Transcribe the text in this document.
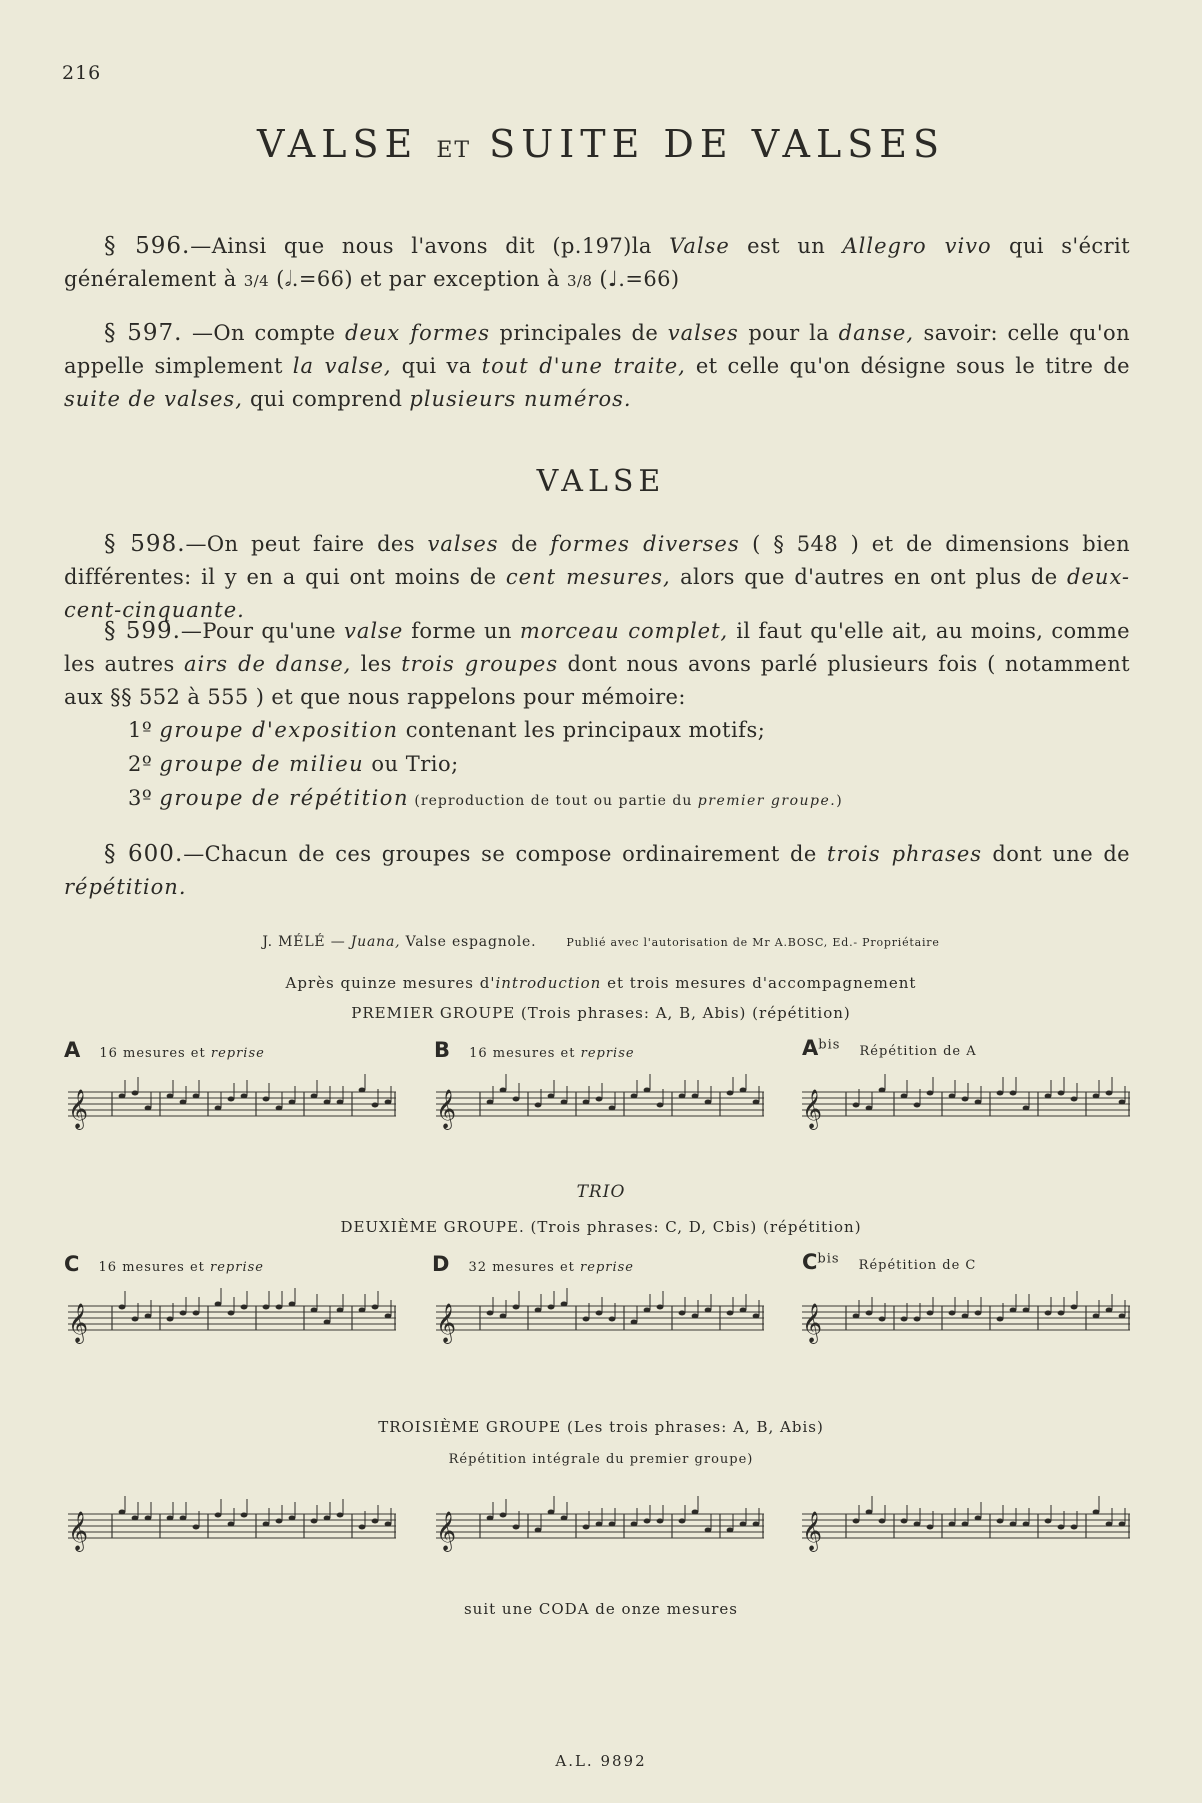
216
VALSE ET SUITE DE VALSES
§ 596.—Ainsi que nous l'avons dit (p.197)la Valse est un Allegro vivo qui s'écrit généralement à 3/4 (𝅗𝅥.=66) et par exception à 3/8 (♩.=66)
§ 597. —On compte deux formes principales de valses pour la danse, savoir: celle qu'on appelle simplement la valse, qui va tout d'une traite, et celle qu'on désigne sous le titre de suite de valses, qui comprend plusieurs numéros.
VALSE
§ 598.—On peut faire des valses de formes diverses ( § 548 ) et de dimensions bien différentes: il y en a qui ont moins de cent mesures, alors que d'autres en ont plus de deux-cent-cinquante.
§ 599.—Pour qu'une valse forme un morceau complet, il faut qu'elle ait, au moins, comme les autres airs de danse, les trois groupes dont nous avons parlé plusieurs fois ( notamment aux §§ 552 à 555 ) et que nous rappelons pour mémoire:
1º groupe d'exposition contenant les principaux motifs;
2º groupe de milieu ou Trio;
3º groupe de répétition (reproduction de tout ou partie du premier groupe.)
§ 600.—Chacun de ces groupes se compose ordinairement de trois phrases dont une de répétition.
J. MÉLÉ — Juana, Valse espagnole.	Publié avec l'autorisation de Mr A.BOSC, Ed.- Propriétaire
Après quinze mesures d'introduction et trois mesures d'accompagnement
PREMIER GROUPE (Trois phrases: A, B, Abis) (répétition)
A 16 mesures et reprise	B 16 mesures et reprise	$A^{bis}$ Répétition de A
𝄞	𝄞	𝄞
TRIO
DEUXIÈME GROUPE. (Trois phrases: C, D, Cbis) (répétition)
C 16 mesures et reprise	D 32 mesures et reprise	$C^{bis}$ Répétition de C
𝄞	𝄞	𝄞
TROISIÈME GROUPE (Les trois phrases: A, B, Abis)
Répétition intégrale du premier groupe)
𝄞	𝄞	𝄞
suit une CODA de onze mesures
A.L. 9892
